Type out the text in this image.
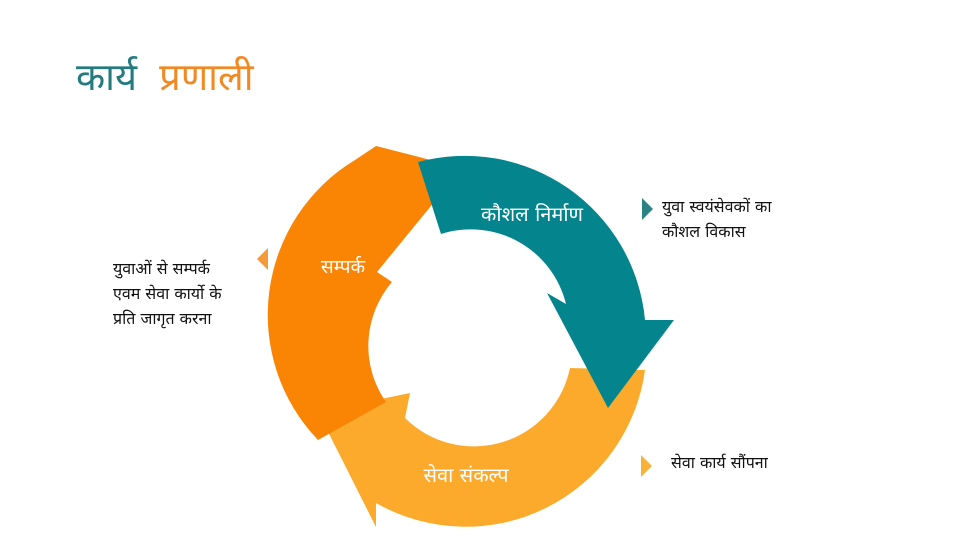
कार्य प्रणाली
कौशल निर्माण
सेवा संकल्प
सम्पर्क
युवाओं से सम्पर्क
एवम सेवा कार्यो के
प्रति जागृत करना
युवा स्वयंसेवकों का
कौशल विकास
सेवा कार्य सौंपना
